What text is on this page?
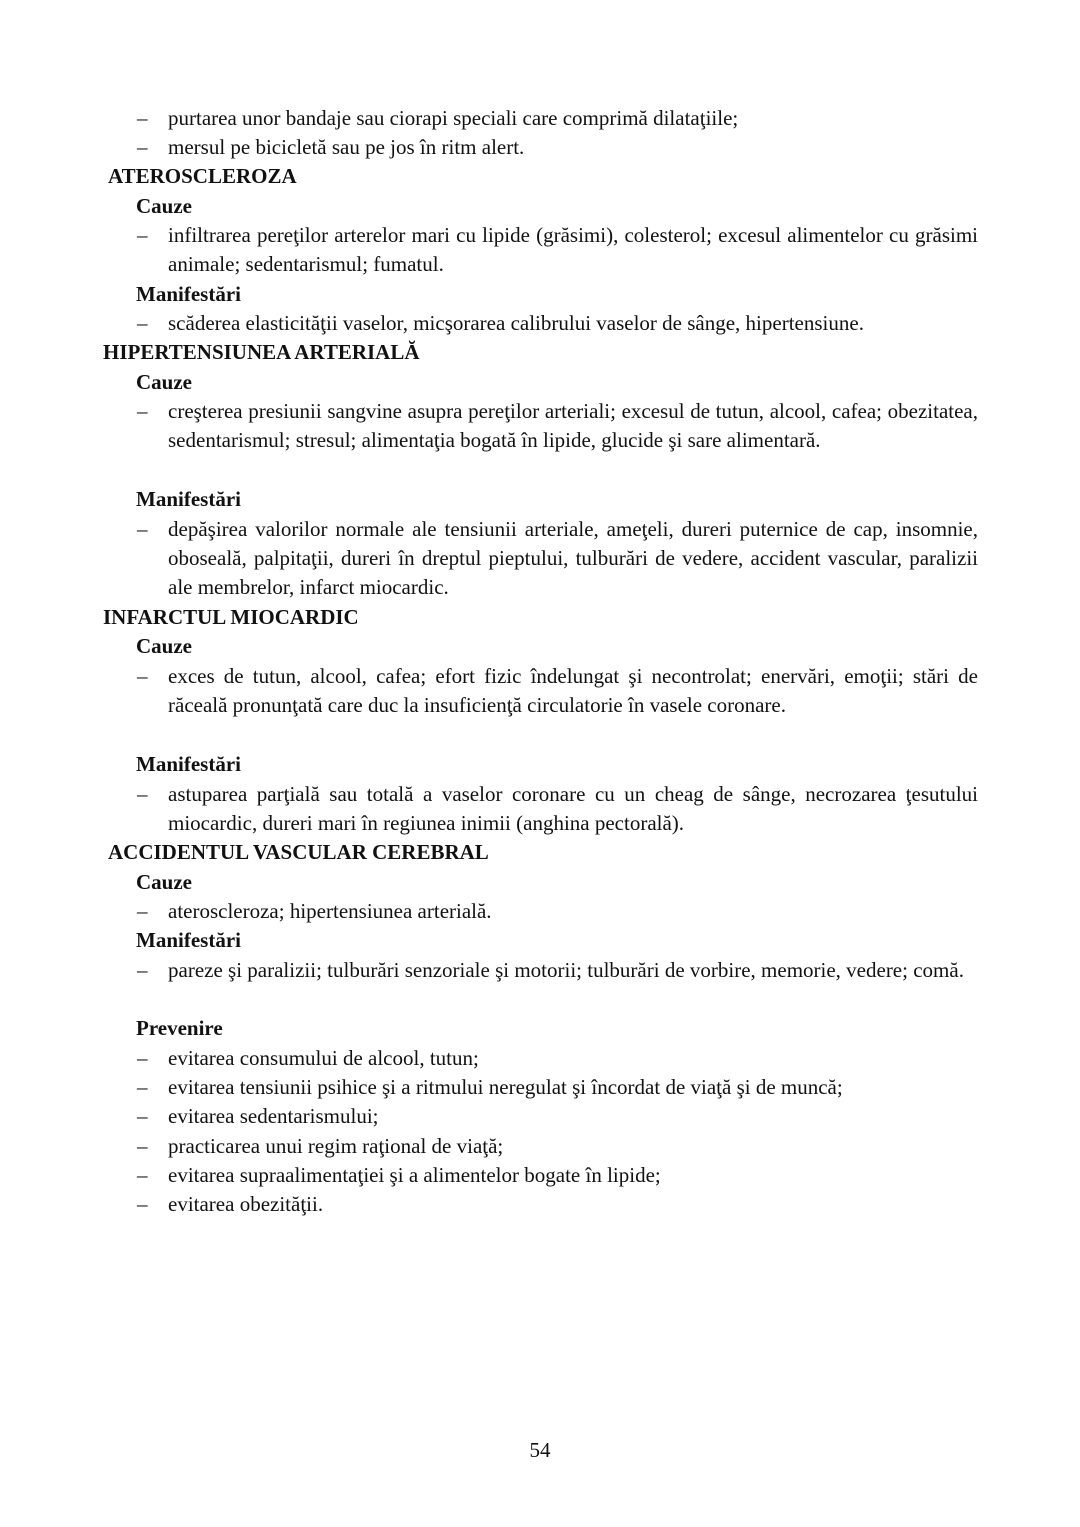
– purtarea unor bandaje sau ciorapi speciali care comprimă dilataţiile;
– mersul pe bicicletă sau pe jos în ritm alert.
ATEROSCLEROZA
Cauze
– infiltrarea pereţilor arterelor mari cu lipide (grăsimi), colesterol; excesul alimentelor cu grăsimi animale; sedentarismul; fumatul.
Manifestări
– scăderea elasticităţii vaselor, micşorarea calibrului vaselor de sânge, hipertensiune.
HIPERTENSIUNEA ARTERIALĂ
Cauze
– creşterea presiunii sangvine asupra pereţilor arteriali; excesul de tutun, alcool, cafea; obezitatea, sedentarismul; stresul; alimentaţia bogată în lipide, glucide şi sare alimentară.
Manifestări
– depăşirea valorilor normale ale tensiunii arteriale, ameţeli, dureri puternice de cap, insomnie, oboseală, palpitaţii, dureri în dreptul pieptului, tulburări de vedere, accident vascular, paralizii ale membrelor, infarct miocardic.
INFARCTUL MIOCARDIC
Cauze
– exces de tutun, alcool, cafea; efort fizic îndelungat şi necontrolat; enervări, emoţii; stări de răceală pronunţată care duc la insuficienţă circulatorie în vasele coronare.
Manifestări
– astuparea parţială sau totală a vaselor coronare cu un cheag de sânge, necrozarea ţesutului miocardic, dureri mari în regiunea inimii (anghina pectorală).
ACCIDENTUL VASCULAR CEREBRAL
Cauze
– ateroscleroza; hipertensiunea arterială.
Manifestări
– pareze şi paralizii; tulburări senzoriale şi motorii; tulburări de vorbire, memorie, vedere; comă.
Prevenire
– evitarea consumului de alcool, tutun;
– evitarea tensiunii psihice şi a ritmului neregulat şi încordat de viaţă şi de muncă;
– evitarea sedentarismului;
– practicarea unui regim raţional de viaţă;
– evitarea supraalimentaţiei şi a alimentelor bogate în lipide;
– evitarea obezităţii.
54
